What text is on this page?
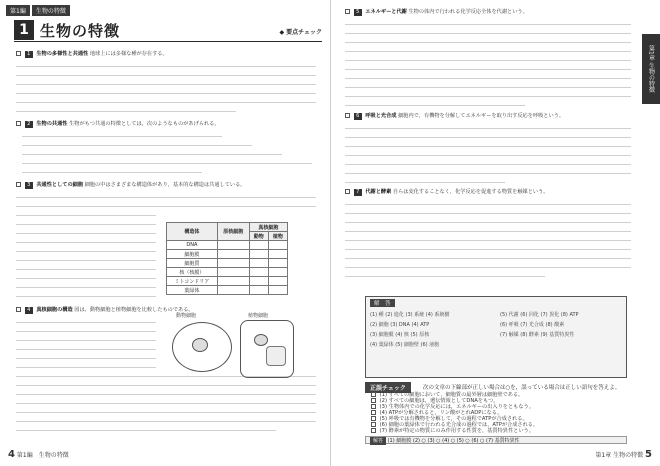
第1編	生物の特徴
1 生物の特徴	◆ 要点チェック
1 生物の多様性と共通性 地球上には多様な種が存在する。
2 生物の共通性 生物がもつ共通の特徴としては，次のようなものがあげられる。
3 共通性としての細胞 細胞の中はさまざまな構造体があり，基本的な構造は共通している。
構造体	原核細胞	真核細胞	
		動物	植物
DNA			
細胞膜			
細胞質			
核（核膜）			
ミトコンドリア			
葉緑体			
4 真核細胞の構造 図は，動物細胞と植物細胞を比較したものである。
動物細胞	植物細胞
4 第1編　生物の特徴
第1章 生物の特徴
5 エネルギーと代謝 生物の体内で行われる化学反応全体を代謝という。
6 呼吸と光合成 細胞内で，有機物を分解してエネルギーを取り出す反応を呼吸という。
7 代謝と酵素 自らは変化することなく，化学反応を促進する物質を触媒という。
解　答
(1) 種 (2) 進化 (3) 系統 (4) 系統樹
(2) 細胞 (3) DNA (4) ATP
(3) 細胞膜 (4) 核 (5) 原核
(4) 葉緑体 (5) 細胞壁 (6) 液胞
(5) 代謝 (6) 同化 (7) 異化 (8) ATP
(6) 呼吸 (7) 光合成 (8) 酸素
(7) 触媒 (8) 酵素 (9) 基質特異性
正誤チェック	次の文章の下線部が正しい場合は○を，誤っている場合は正しい語句を答えよ。
(1) すべての細胞において，細胞質の最外層は細胞壁である。
(2) すべての細胞は，遺伝情報としてDNAをもつ。
(3) 生物体内での化学反応には，エネルギーの出入りをともなう。
(4) ATPが分解されると，リン酸がとれADPになる。
(5) 呼吸では有機物を分解して，その過程でATPが合成される。
(6) 細胞の葉緑体で行われる光合成の過程では，ATPが合成される。
(7) 酵素が特定の物質にのみ作用する性質を，基質特異性という。
解答 (1) 細胞膜 (2) ○ (3) ○ (4) ○ (5) ○ (6) ○ (7) 基質特異性
第1章 生物の特徴 5
